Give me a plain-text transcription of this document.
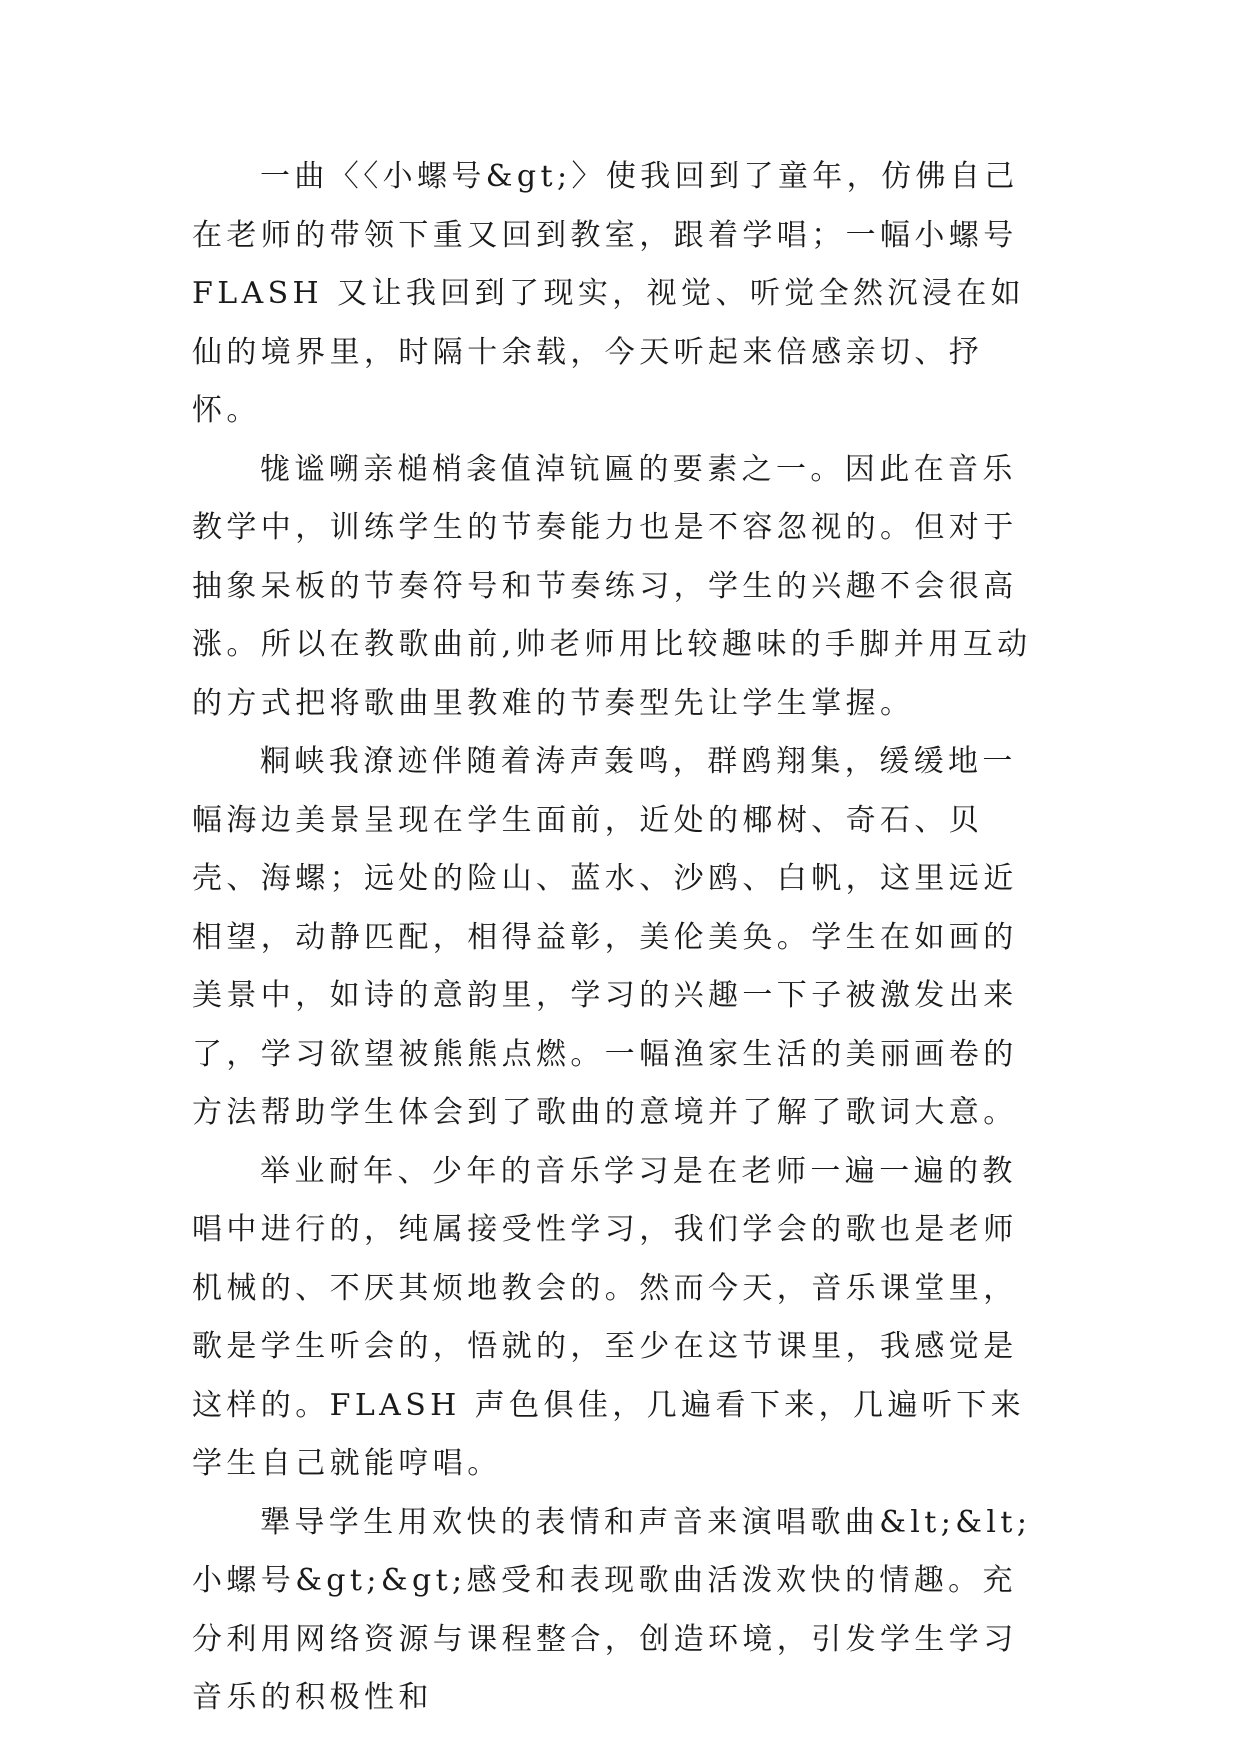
一曲〈〈小螺号&gt;〉使我回到了童年，仿佛自己在老师的带领下重又回到教室，跟着学唱；一幅小螺号 FLASH 又让我回到了现实，视觉、听觉全然沉浸在如仙的境界里，时隔十余载，今天听起来倍感亲切、抒怀。

牻谧嗍亲槌梢衾值淖钪匾的要素之一。因此在音乐教学中，训练学生的节奏能力也是不容忽视的。但对于抽象呆板的节奏符号和节奏练习，学生的兴趣不会很高涨。所以在教歌曲前,帅老师用比较趣味的手脚并用互动的方式把将歌曲里教难的节奏型先让学生掌握。

粡峡我潦迹伴随着涛声轰鸣，群鸥翔集，缓缓地一幅海边美景呈现在学生面前，近处的椰树、奇石、贝壳、海螺；远处的险山、蓝水、沙鸥、白帆，这里远近相望，动静匹配，相得益彰，美伦美奂。学生在如画的美景中，如诗的意韵里，学习的兴趣一下子被激发出来了，学习欲望被熊熊点燃。一幅渔家生活的美丽画卷的方法帮助学生体会到了歌曲的意境并了解了歌词大意。

举业耐年、少年的音乐学习是在老师一遍一遍的教唱中进行的，纯属接受性学习，我们学会的歌也是老师机械的、不厌其烦地教会的。然而今天，音乐课堂里，歌是学生听会的，悟就的，至少在这节课里，我感觉是这样的。FLASH 声色俱佳，几遍看下来，几遍听下来学生自己就能哼唱。

犟导学生用欢快的表情和声音来演唱歌曲&lt;&lt;小螺号&gt;&gt;感受和表现歌曲活泼欢快的情趣。充分利用网络资源与课程整合，创造环境，引发学生学习音乐的积极性和
